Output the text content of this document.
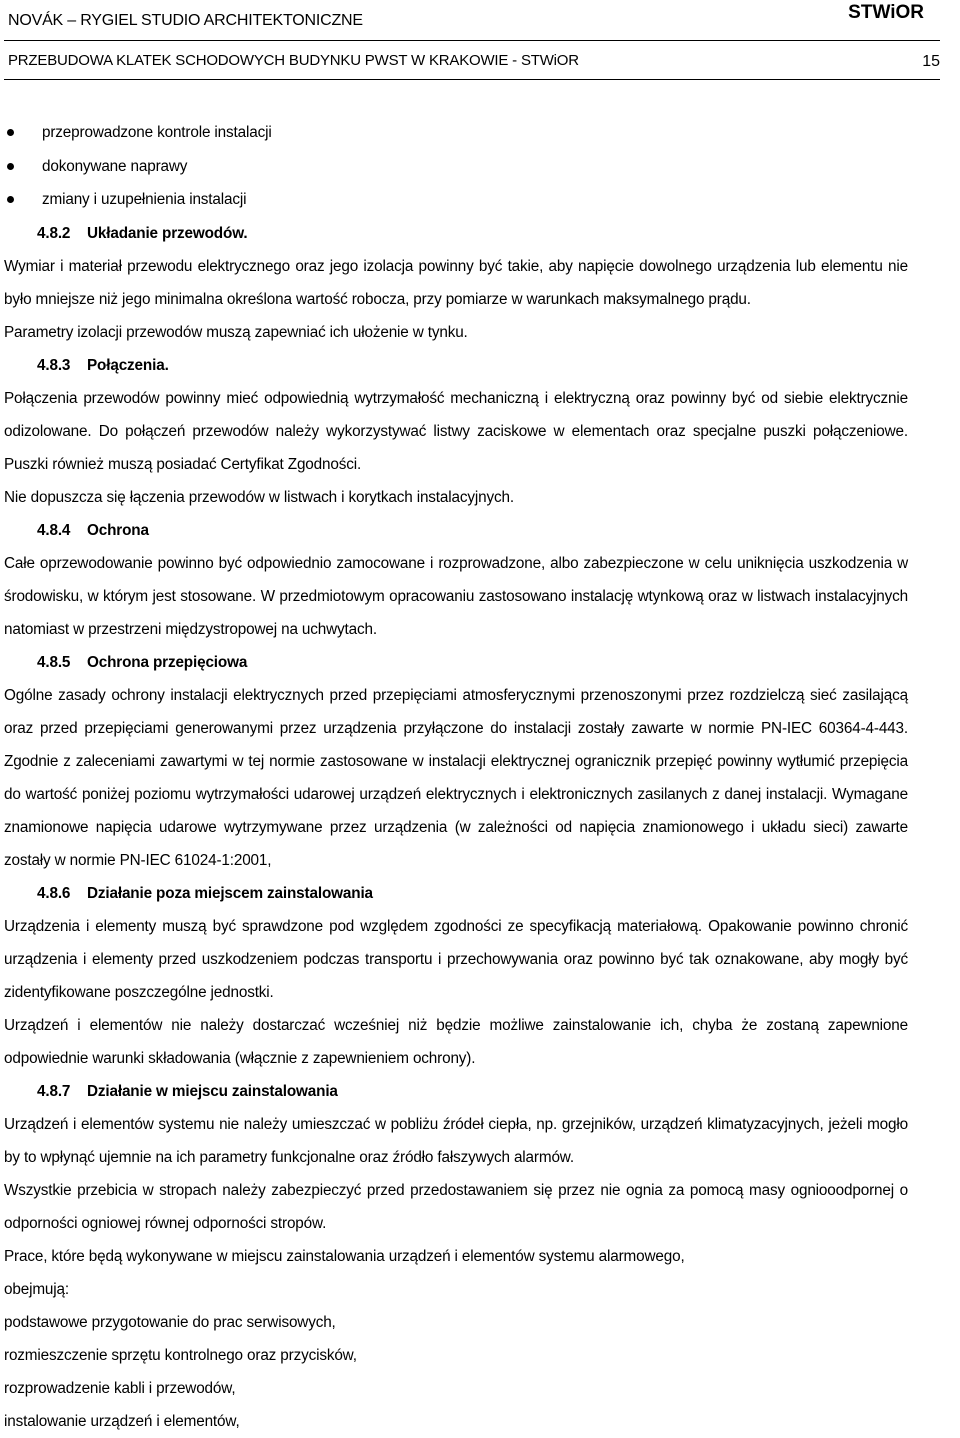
NOVÁK – RYGIEL STUDIO ARCHITEKTONICZNE	STWiOR
PRZEBUDOWA KLATEK SCHODOWYCH BUDYNKU PWST W KRAKOWIE - STWiOR	15
przeprowadzone kontrole instalacji
dokonywane naprawy
zmiany i uzupełnienia instalacji
4.8.2 Układanie przewodów.

Wymiar i materiał przewodu elektrycznego oraz jego izolacja powinny być takie, aby napięcie dowolnego urządzenia lub elementu nie było mniejsze niż jego minimalna określona wartość robocza, przy pomiarze w warunkach maksymalnego prądu.

Parametry izolacji przewodów muszą zapewniać ich ułożenie w tynku.

4.8.3 Połączenia.

Połączenia przewodów powinny mieć odpowiednią wytrzymałość mechaniczną i elektryczną oraz powinny być od siebie elektrycznie odizolowane. Do połączeń przewodów należy wykorzystywać listwy zaciskowe w elementach oraz specjalne puszki połączeniowe. Puszki również muszą posiadać Certyfikat Zgodności.

Nie dopuszcza się łączenia przewodów w listwach i korytkach instalacyjnych.

4.8.4 Ochrona

Całe oprzewodowanie powinno być odpowiednio zamocowane i rozprowadzone, albo zabezpieczone w celu uniknięcia uszkodzenia w środowisku, w którym jest stosowane. W przedmiotowym opracowaniu zastosowano instalację wtynkową oraz w listwach instalacyjnych natomiast w przestrzeni międzystropowej na uchwytach.

4.8.5 Ochrona przepięciowa

Ogólne zasady ochrony instalacji elektrycznych przed przepięciami atmosferycznymi przenoszonymi przez rozdzielczą sieć zasilającą oraz przed przepięciami generowanymi przez urządzenia przyłączone do instalacji zostały zawarte w normie PN-IEC 60364-4-443. Zgodnie z zaleceniami zawartymi w tej normie zastosowane w instalacji elektrycznej ogranicznik przepięć powinny wytłumić przepięcia do wartość poniżej poziomu wytrzymałości udarowej urządzeń elektrycznych i elektronicznych zasilanych z danej instalacji. Wymagane znamionowe napięcia udarowe wytrzymywane przez urządzenia (w zależności od napięcia znamionowego i układu sieci) zawarte zostały w normie PN-IEC 61024-1:2001,

4.8.6 Działanie poza miejscem zainstalowania

Urządzenia i elementy muszą być sprawdzone pod względem zgodności ze specyfikacją materiałową. Opakowanie powinno chronić urządzenia i elementy przed uszkodzeniem podczas transportu i przechowywania oraz powinno być tak oznakowane, aby mogły być zidentyfikowane poszczególne jednostki.

Urządzeń i elementów nie należy dostarczać wcześniej niż będzie możliwe zainstalowanie ich, chyba że zostaną zapewnione odpowiednie warunki składowania (włącznie z zapewnieniem ochrony).

4.8.7 Działanie w miejscu zainstalowania

Urządzeń i elementów systemu nie należy umieszczać w pobliżu źródeł ciepła, np. grzejników, urządzeń klimatyzacyjnych, jeżeli mogło by to wpłynąć ujemnie na ich parametry funkcjonalne oraz źródło fałszywych alarmów.

Wszystkie przebicia w stropach należy zabezpieczyć przed przedostawaniem się przez nie ognia za pomocą masy ogniooodpornej o odporności ogniowej równej odporności stropów.

Prace, które będą wykonywane w miejscu zainstalowania urządzeń i elementów systemu alarmowego,

obejmują:

podstawowe przygotowanie do prac serwisowych,

rozmieszczenie sprzętu kontrolnego oraz przycisków,

rozprowadzenie kabli i przewodów,

instalowanie urządzeń i elementów,
